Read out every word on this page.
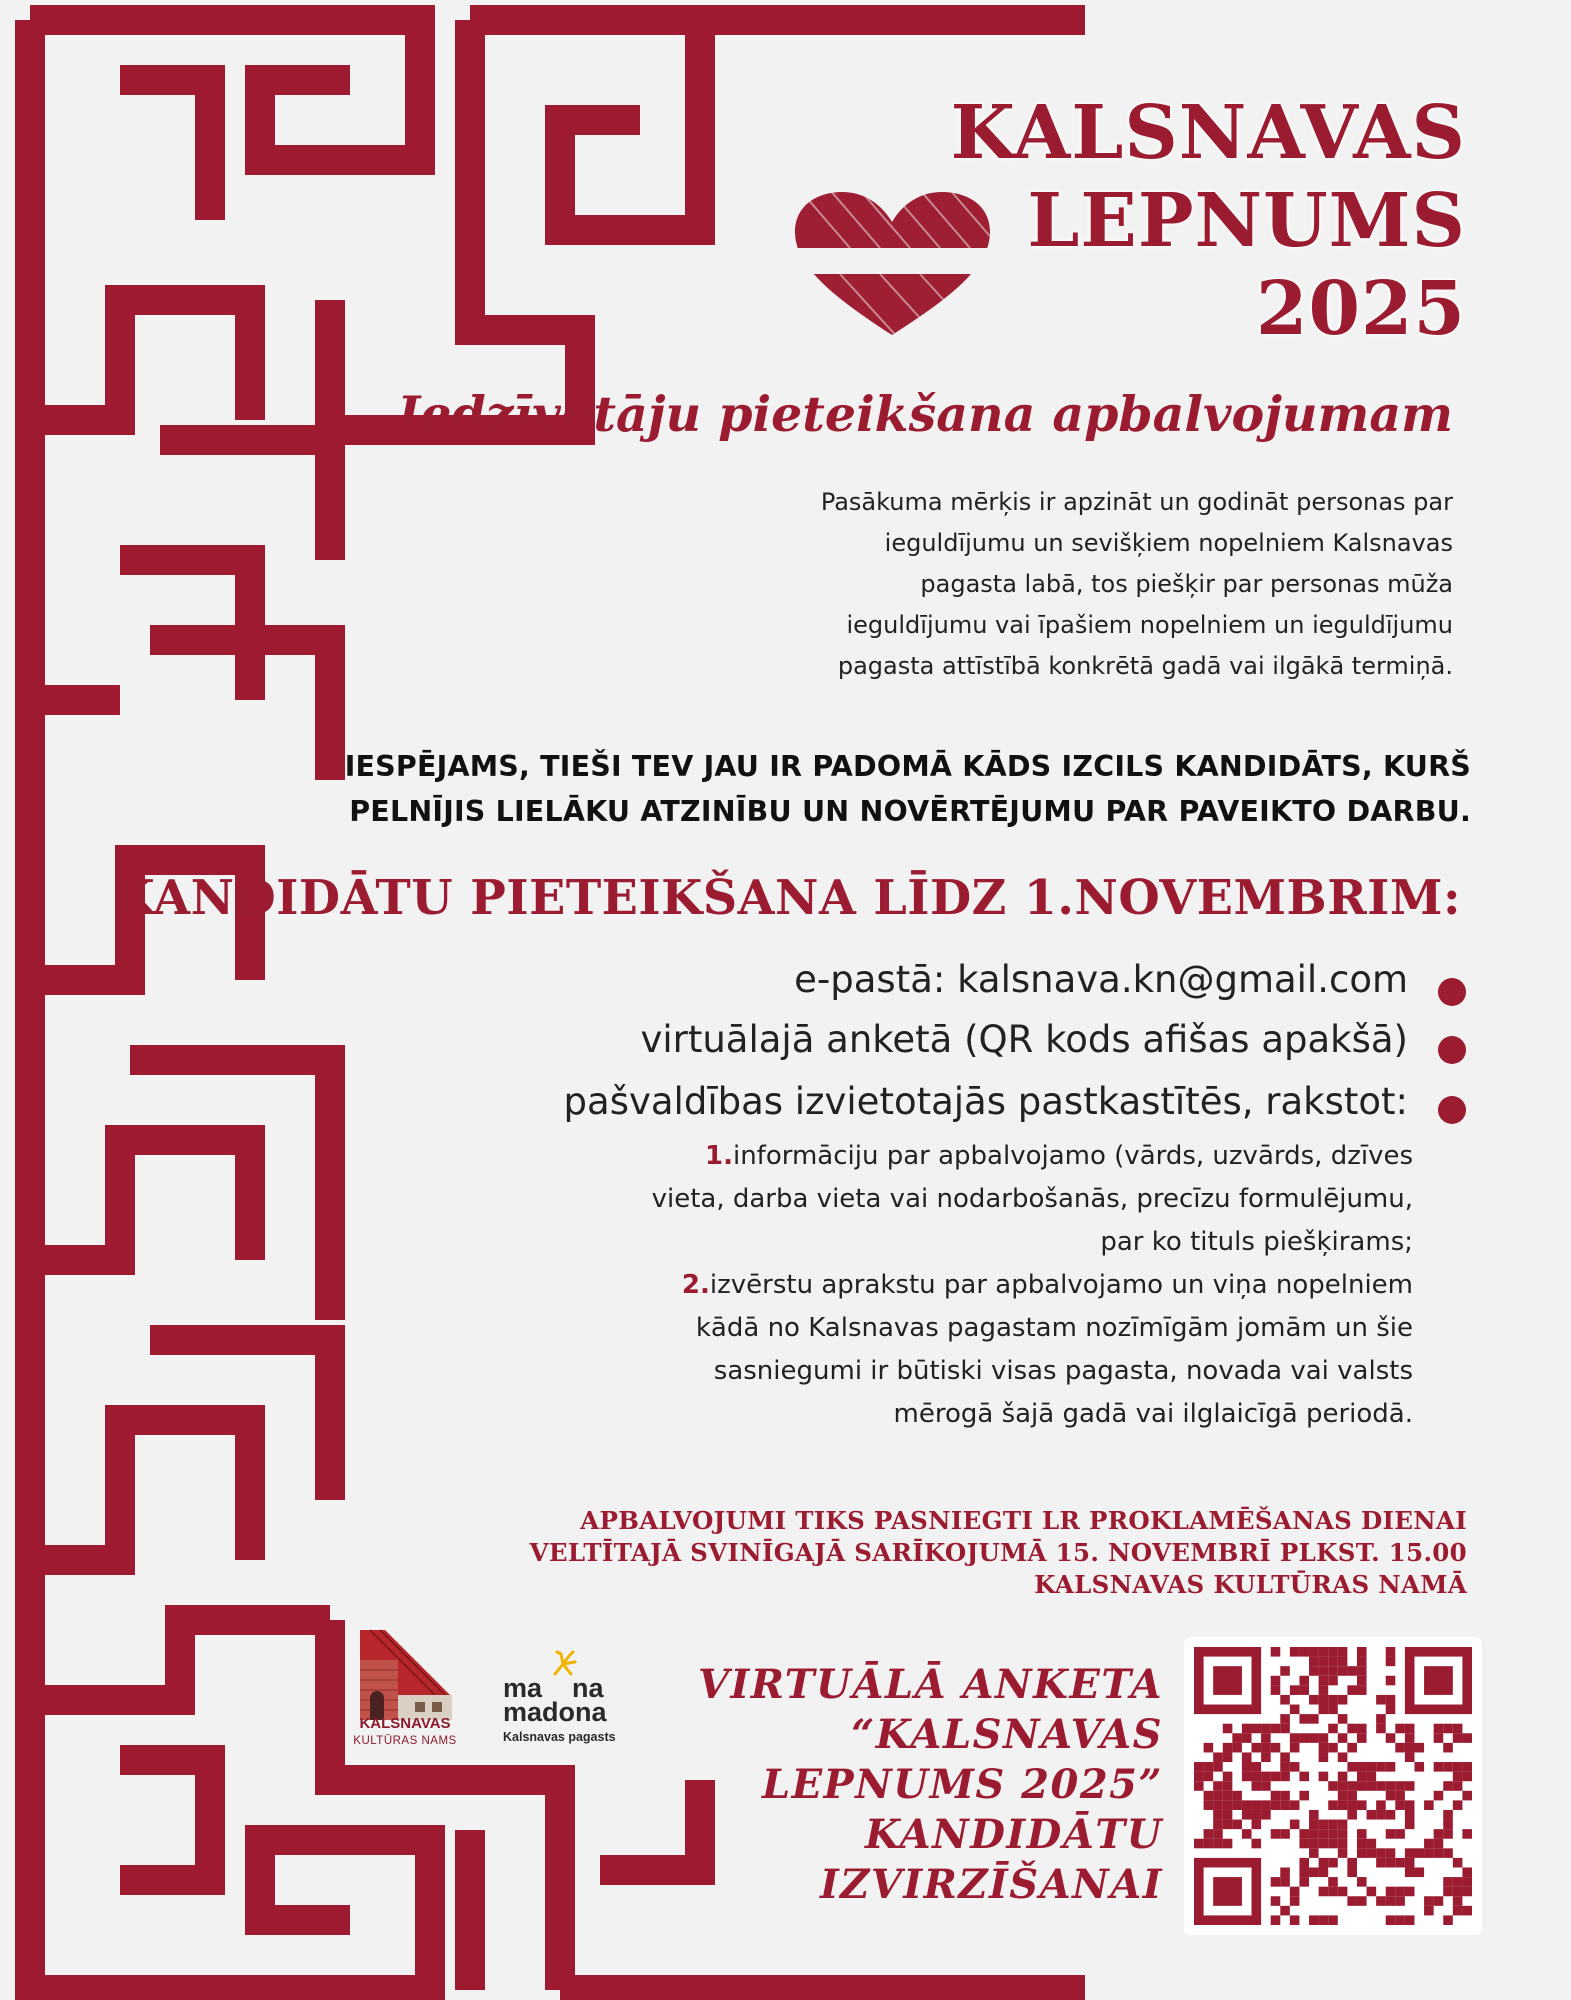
KALSNAVAS
LEPNUMS
2025
Iedzīvotāju pieteikšana apbalvojumam
Pasākuma mērķis ir apzināt un godināt personas par
ieguldījumu un sevišķiem nopelniem Kalsnavas
pagasta labā, tos piešķir par personas mūža
ieguldījumu vai īpašiem nopelniem un ieguldījumu
pagasta attīstībā konkrētā gadā vai ilgākā termiņā.
IESPĒJAMS, TIEŠI TEV JAU IR PADOMĀ KĀDS IZCILS KANDIDĀTS, KURŠ
PELNĪJIS LIELĀKU ATZINĪBU UN NOVĒRTĒJUMU PAR PAVEIKTO DARBU.
KANDIDĀTU PIETEIKŠANA LĪDZ 1.NOVEMBRIM:
e-pastā: kalsnava.kn@gmail.com
virtuālajā anketā (QR kods afišas apakšā)
pašvaldības izvietotajās pastkastītēs, rakstot:
1.informāciju par apbalvojamo (vārds, uzvārds, dzīves
vieta, darba vieta vai nodarbošanās, precīzu formulējumu,
par ko tituls piešķirams;
2.izvērstu aprakstu par apbalvojamo un viņa nopelniem
kādā no Kalsnavas pagastam nozīmīgām jomām un šie
sasniegumi ir būtiski visas pagasta, novada vai valsts
mērogā šajā gadā vai ilglaicīgā periodā.
APBALVOJUMI TIKS PASNIEGTI LR PROKLAMĒŠANAS DIENAI
VELTĪTAJĀ SVINĪGAJĀ SARĪKOJUMĀ 15. NOVEMBRĪ PLKST. 15.00
KALSNAVAS KULTŪRAS NAMĀ
KALSNAVAS
KULTŪRAS NAMS
ma na
madona
Kalsnavas pagasts
VIRTUĀLĀ ANKETA
“KALSNAVAS
LEPNUMS 2025”
KANDIDĀTU
IZVIRZĪŠANAI
